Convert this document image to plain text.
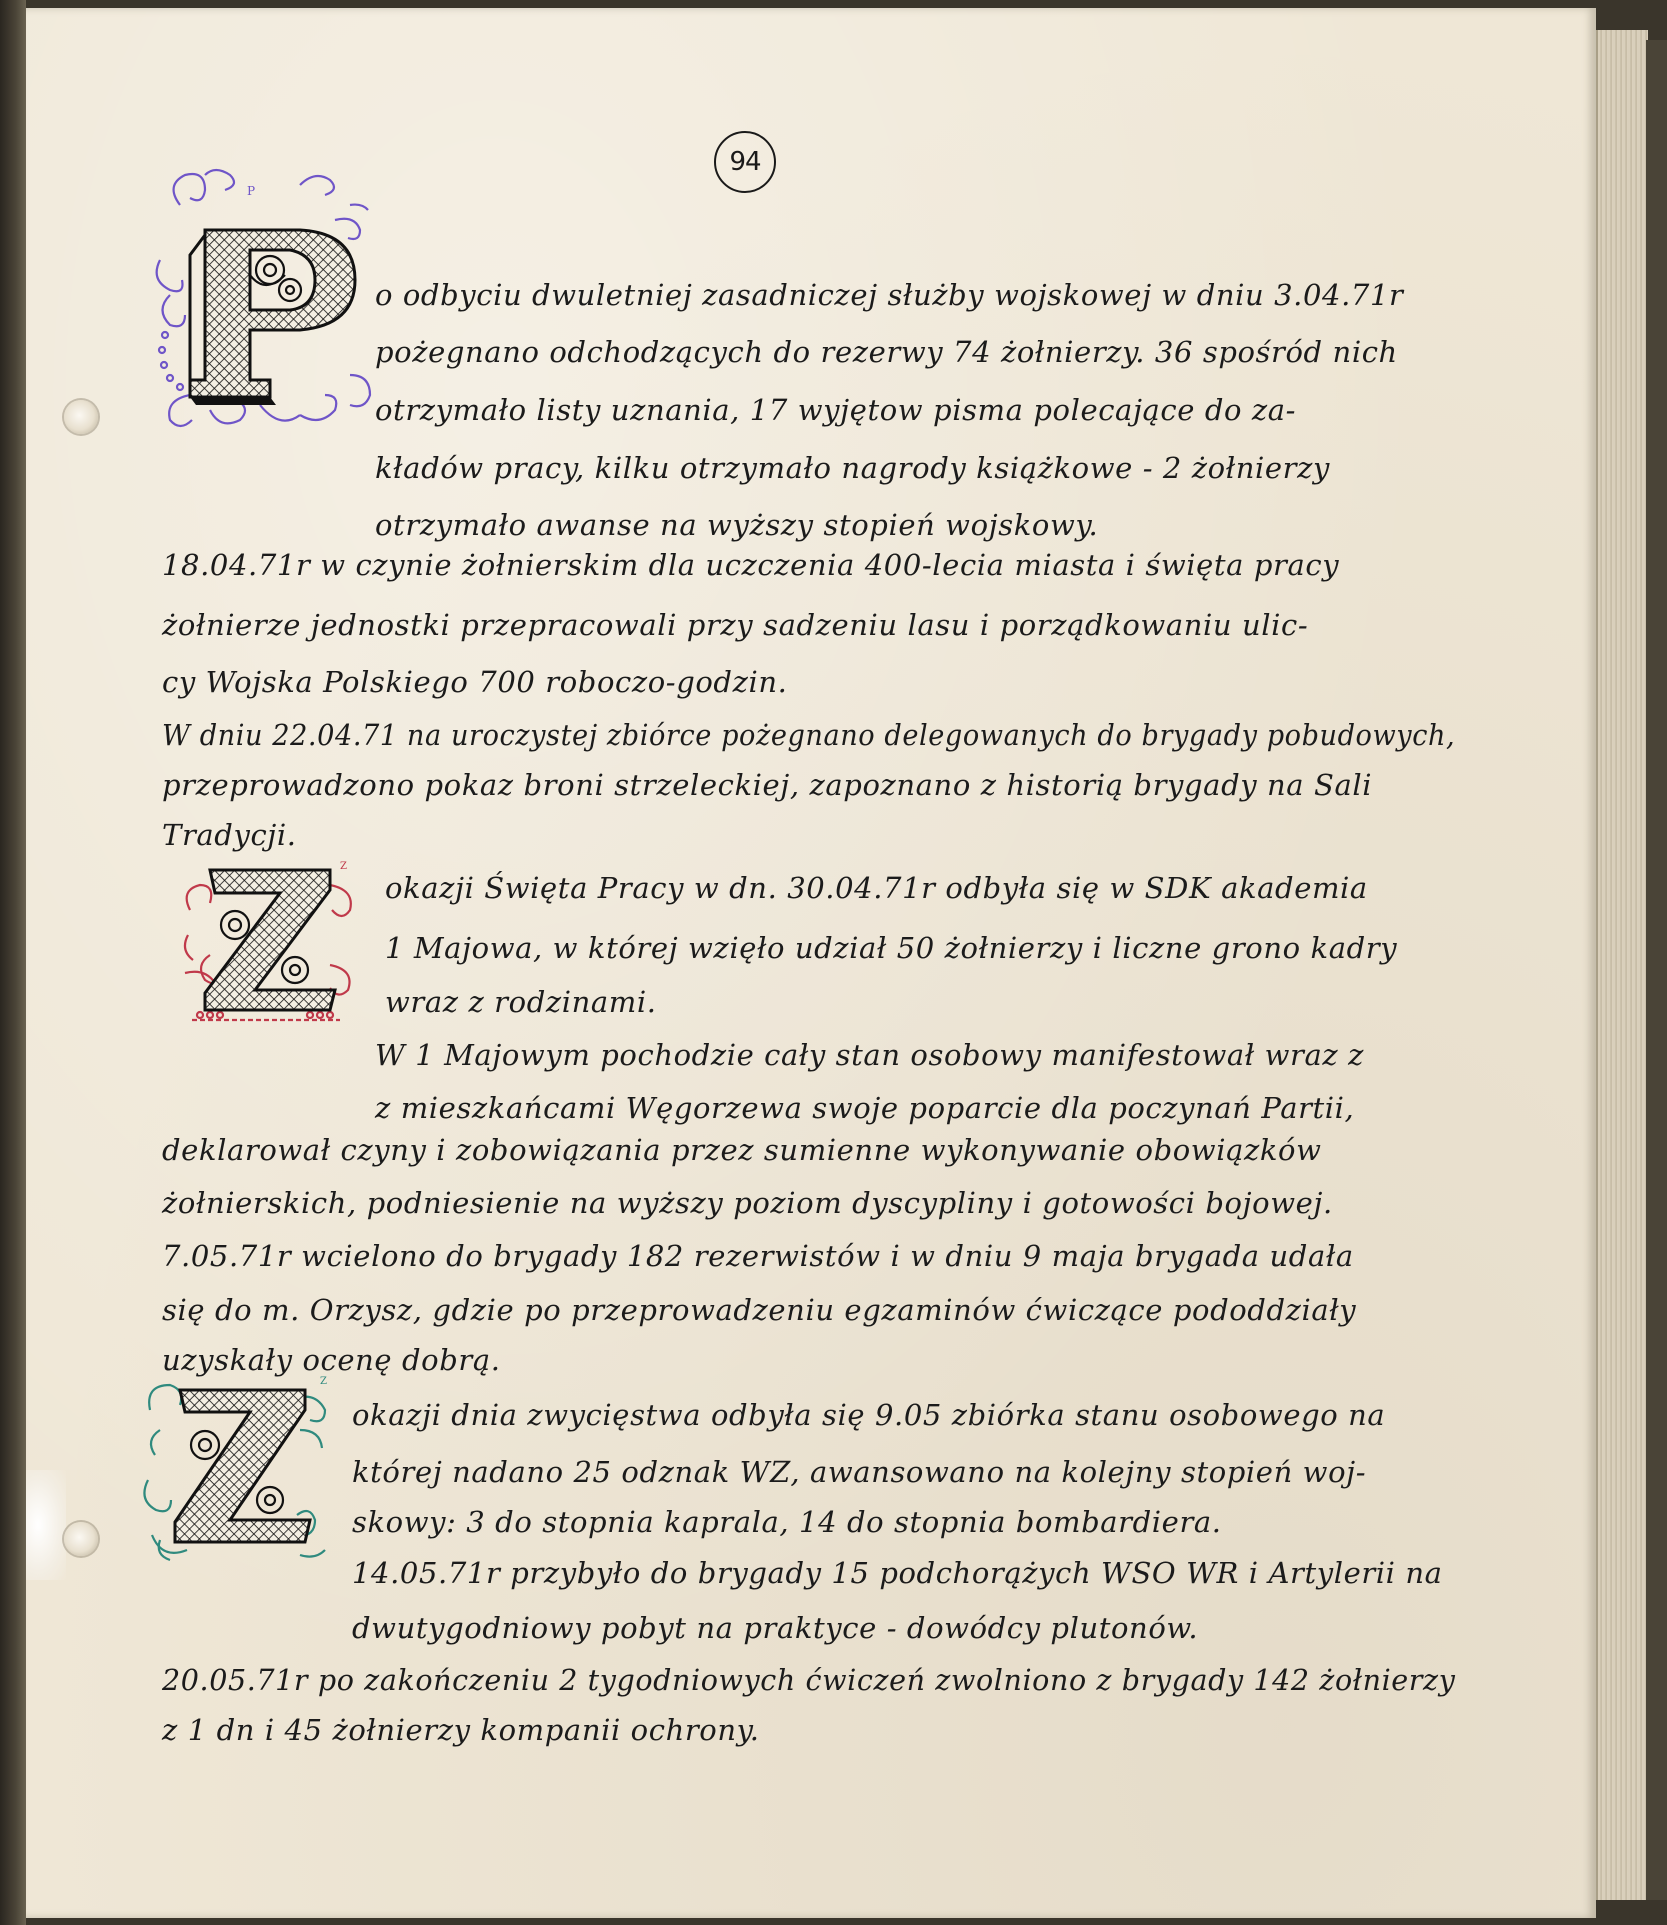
94
P
Z
Z
o odbyciu dwuletniej zasadniczej służby wojskowej w dniu 3.04.71r
pożegnano odchodzących do rezerwy 74 żołnierzy. 36 spośród nich
otrzymało listy uznania, 17 wyjętow pisma polecające do za-
kładów pracy, kilku otrzymało nagrody książkowe - 2 żołnierzy
otrzymało awanse na wyższy stopień wojskowy.
18.04.71r w czynie żołnierskim dla uczczenia 400-lecia miasta i święta pracy
żołnierze jednostki przepracowali przy sadzeniu lasu i porządkowaniu ulic-
cy Wojska Polskiego 700 roboczo-godzin.
W dniu 22.04.71 na uroczystej zbiórce pożegnano delegowanych do brygady pobudowych,
przeprowadzono pokaz broni strzeleckiej, zapoznano z historią brygady na Sali
Tradycji.
okazji Święta Pracy w dn. 30.04.71r odbyła się w SDK akademia
1 Majowa, w której wzięło udział 50 żołnierzy i liczne grono kadry
wraz z rodzinami.
W 1 Majowym pochodzie cały stan osobowy manifestował wraz z
z mieszkańcami Węgorzewa swoje poparcie dla poczynań Partii,
deklarował czyny i zobowiązania przez sumienne wykonywanie obowiązków
żołnierskich, podniesienie na wyższy poziom dyscypliny i gotowości bojowej.
7.05.71r wcielono do brygady 182 rezerwistów i w dniu 9 maja brygada udała
się do m. Orzysz, gdzie po przeprowadzeniu egzaminów ćwiczące pododdziały
uzyskały ocenę dobrą.
okazji dnia zwycięstwa odbyła się 9.05 zbiórka stanu osobowego na
której nadano 25 odznak WZ, awansowano na kolejny stopień woj-
skowy: 3 do stopnia kaprala, 14 do stopnia bombardiera.
14.05.71r przybyło do brygady 15 podchorążych WSO WR i Artylerii na
dwutygodniowy pobyt na praktyce - dowódcy plutonów.
20.05.71r po zakończeniu 2 tygodniowych ćwiczeń zwolniono z brygady 142 żołnierzy
z 1 dn i 45 żołnierzy kompanii ochrony.
